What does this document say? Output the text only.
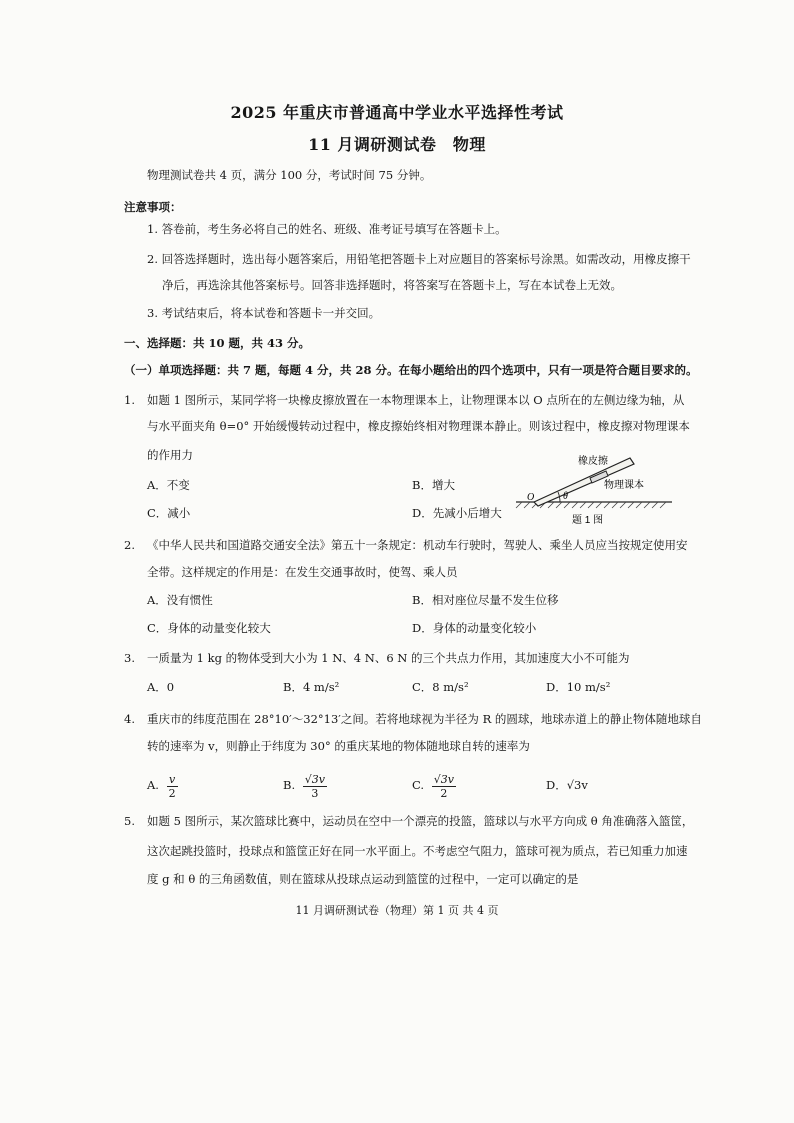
2025 年重庆市普通高中学业水平选择性考试
11 月调研测试卷　物理
物理测试卷共 4 页，满分 100 分，考试时间 75 分钟。
注意事项：
1. 答卷前，考生务必将自己的姓名、班级、准考证号填写在答题卡上。
2. 回答选择题时，选出每小题答案后，用铅笔把答题卡上对应题目的答案标号涂黑。如需改动，用橡皮擦干
净后，再选涂其他答案标号。回答非选择题时，将答案写在答题卡上，写在本试卷上无效。
3. 考试结束后，将本试卷和答题卡一并交回。
一、选择题：共 10 题，共 43 分。
（一）单项选择题：共 7 题，每题 4 分，共 28 分。在每小题给出的四个选项中，只有一项是符合题目要求的。
1. 如题 1 图所示，某同学将一块橡皮擦放置在一本物理课本上，让物理课本以 O 点所在的左侧边缘为轴，从
与水平面夹角 θ=0° 开始缓慢转动过程中，橡皮擦始终相对物理课本静止。则该过程中，橡皮擦对物理课本
的作用力
A．不变	B．增大
C．减小	D．先减小后增大
O	θ
橡皮擦
物理课本
题 1 图
2. 《中华人民共和国道路交通安全法》第五十一条规定：机动车行驶时，驾驶人、乘坐人员应当按规定使用安
全带。这样规定的作用是：在发生交通事故时，使驾、乘人员
A．没有惯性	B．相对座位尽量不发生位移
C．身体的动量变化较大	D．身体的动量变化较小
3. 一质量为 1 kg 的物体受到大小为 1 N、4 N、6 N 的三个共点力作用，其加速度大小不可能为
A．0	B．4 m/s²	C．8 m/s²	D．10 m/s²
4. 重庆市的纬度范围在 28°10′～32°13′之间。若将地球视为半径为 R 的圆球，地球赤道上的静止物体随地球自
转的速率为 v，则静止于纬度为 30° 的重庆某地的物体随地球自转的速率为
A. $\frac{v}{2}$	B. $\frac{√3v}{3}$	C. $\frac{√3v}{2}$	D．√3v
5. 如题 5 图所示，某次篮球比赛中，运动员在空中一个漂亮的投篮，篮球以与水平方向成 θ 角准确落入篮筐，
这次起跳投篮时，投球点和篮筐正好在同一水平面上。不考虑空气阻力，篮球可视为质点，若已知重力加速
度 g 和 θ 的三角函数值，则在篮球从投球点运动到篮筐的过程中，一定可以确定的是
11 月调研测试卷（物理）第 1 页 共 4 页
